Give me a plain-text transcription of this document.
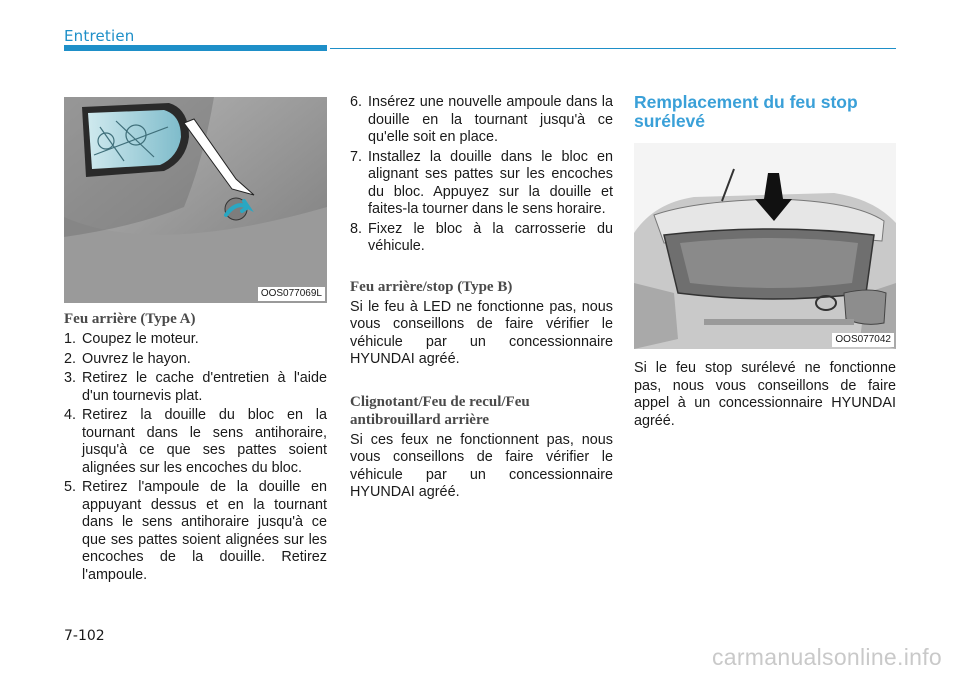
Entretien
OOS077069L
Feu arrière (Type A)
1. Coupez le moteur.
2. Ouvrez le hayon.
3. Retirez le cache d'entretien à l'aide d'un tournevis plat.
4. Retirez la douille du bloc en la tournant dans le sens antihoraire, jusqu'à ce que ses pattes soient alignées sur les encoches du bloc.
5. Retirez l'ampoule de la douille en appuyant dessus et en la tournant dans le sens antihoraire jusqu'à ce que ses pattes soient alignées sur les encoches de la douille. Retirez l'ampoule.
6. Insérez une nouvelle ampoule dans la douille en la tournant jusqu'à ce qu'elle soit en place.
7. Installez la douille dans le bloc en alignant ses pattes sur les encoches du bloc. Appuyez sur la douille et faites-la tourner dans le sens horaire.
8. Fixez le bloc à la carrosserie du véhicule.
Feu arrière/stop (Type B)

Si le feu à LED ne fonctionne pas, nous vous conseillons de faire vérifier le véhicule par un concessionnaire HYUNDAI agréé.

Clignotant/Feu de recul/Feu antibrouillard arrière

Si ces feux ne fonctionnent pas, nous vous conseillons de faire vérifier le véhicule par un concessionnaire HYUNDAI agréé.

Remplacement du feu stop surélevé
OOS077042

Si le feu stop surélevé ne fonctionne pas, nous vous conseillons de faire appel à un concessionnaire HYUNDAI agréé.

7-102
carmanualsonline.info
